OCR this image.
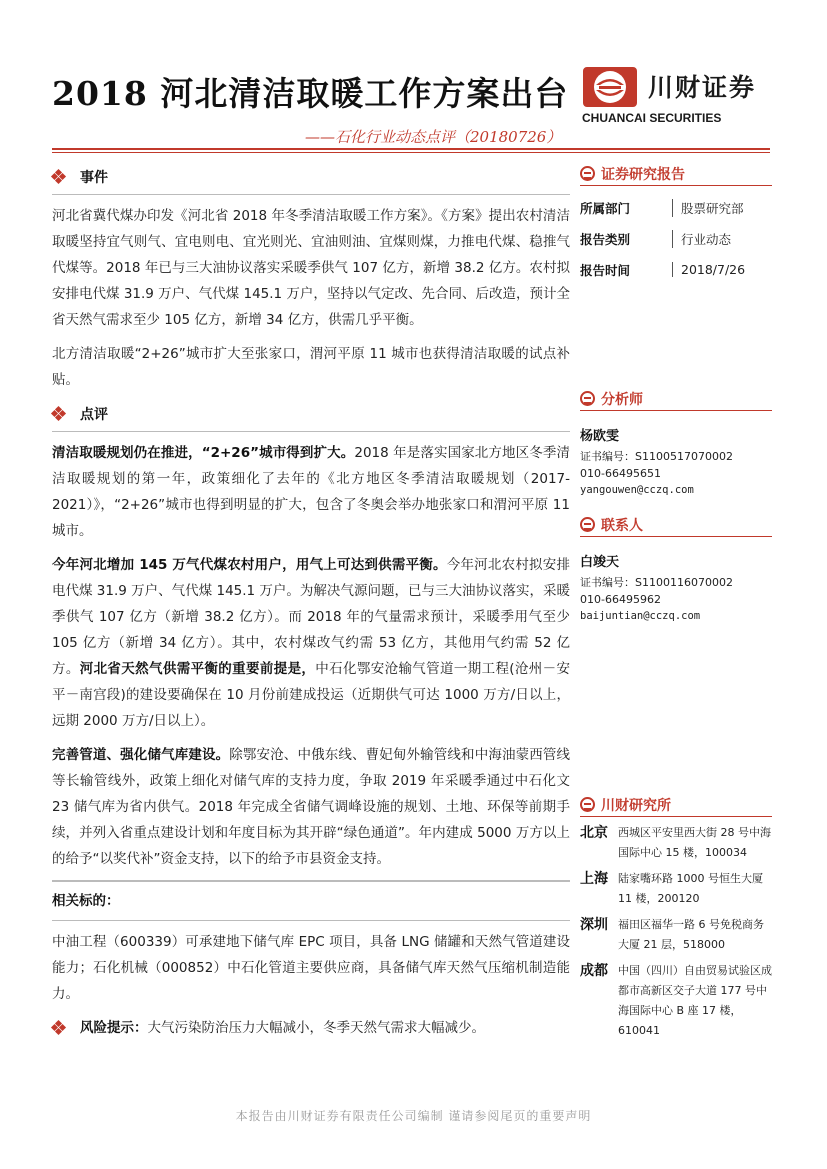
2018 河北清洁取暖工作方案出台
——石化行业动态点评（20180726）
川财证券
CHUANCAI SECURITIES
事件

河北省冀代煤办印发《河北省 2018 年冬季清洁取暖工作方案》。《方案》提出农村清洁取暖坚持宜气则气、宜电则电、宜光则光、宜油则油、宜煤则煤，力推电代煤、稳推气代煤等。2018 年已与三大油协议落实采暖季供气 107 亿方，新增 38.2 亿方。农村拟安排电代煤 31.9 万户、气代煤 145.1 万户，坚持以气定改、先合同、后改造，预计全省天然气需求至少 105 亿方，新增 34 亿方，供需几乎平衡。

北方清洁取暖“2+26”城市扩大至张家口，渭河平原 11 城市也获得清洁取暖的试点补贴。

点评

清洁取暖规划仍在推进，“2+26”城市得到扩大。2018 年是落实国家北方地区冬季清洁取暖规划的第一年，政策细化了去年的《北方地区冬季清洁取暖规划（2017-2021）》，“2+26”城市也得到明显的扩大，包含了冬奥会举办地张家口和渭河平原 11 城市。

今年河北增加 145 万气代煤农村用户，用气上可达到供需平衡。今年河北农村拟安排电代煤 31.9 万户、气代煤 145.1 万户。为解决气源问题，已与三大油协议落实，采暖季供气 107 亿方（新增 38.2 亿方）。而 2018 年的气量需求预计，采暖季用气至少 105 亿方（新增 34 亿方）。其中，农村煤改气约需 53 亿方，其他用气约需 52 亿方。河北省天然气供需平衡的重要前提是，中石化鄂安沧输气管道一期工程(沧州－安平－南宫段)的建设要确保在 10 月份前建成投运（近期供气可达 1000 万方/日以上，远期 2000 万方/日以上）。

完善管道、强化储气库建设。除鄂安沧、中俄东线、曹妃甸外输管线和中海油蒙西管线等长输管线外，政策上细化对储气库的支持力度，争取 2019 年采暖季通过中石化文 23 储气库为省内供气。2018 年完成全省储气调峰设施的规划、土地、环保等前期手续，并列入省重点建设计划和年度目标为其开辟“绿色通道”。年内建成 5000 万方以上的给予“以奖代补”资金支持，以下的给予市县资金支持。

相关标的：

中油工程（600339）可承建地下储气库 EPC 项目，具备 LNG 储罐和天然气管道建设能力；石化机械（000852）中石化管道主要供应商，具备储气库天然气压缩机制造能力。

风险提示： 大气污染防治压力大幅减小，冬季天然气需求大幅减少。
证券研究报告
所属部门	股票研究部
报告类别	行业动态
报告时间	2018/7/26
分析师
杨欧雯
证书编号：S1100517070002
010-66495651
yangouwen@cczq.com
联系人
白竣天
证书编号：S1100116070002
010-66495962
baijuntian@cczq.com
川财研究所
北京 西城区平安里西大街 28 号中海国际中心 15 楼，100034
上海 陆家嘴环路 1000 号恒生大厦 11 楼，200120
深圳 福田区福华一路 6 号免税商务大厦 21 层，518000
成都 中国（四川）自由贸易试验区成都市高新区交子大道 177 号中海国际中心 B 座 17 楼，610041
本报告由川财证券有限责任公司编制 谨请参阅尾页的重要声明
